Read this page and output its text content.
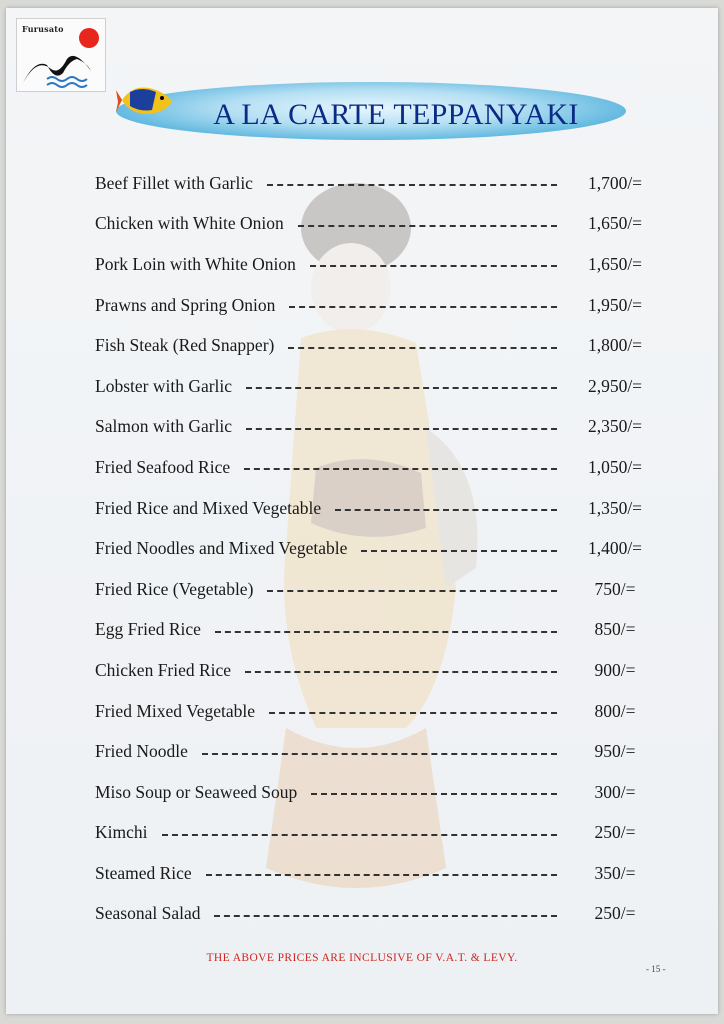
Furusato
A LA CARTE TEPPANYAKI
Beef Fillet with Garlic	1,700/=
Chicken with White Onion	1,650/=
Pork Loin with White Onion	1,650/=
Prawns and Spring Onion	1,950/=
Fish Steak (Red Snapper)	1,800/=
Lobster with Garlic	2,950/=
Salmon with Garlic	2,350/=
Fried Seafood Rice	1,050/=
Fried Rice and Mixed Vegetable	1,350/=
Fried Noodles and Mixed Vegetable	1,400/=
Fried Rice (Vegetable)	750/=
Egg Fried Rice	850/=
Chicken Fried Rice	900/=
Fried Mixed Vegetable	800/=
Fried Noodle	950/=
Miso Soup or Seaweed Soup	300/=
Kimchi	250/=
Steamed Rice	350/=
Seasonal Salad	250/=
THE ABOVE PRICES ARE INCLUSIVE OF V.A.T. & LEVY.
- 15 -
